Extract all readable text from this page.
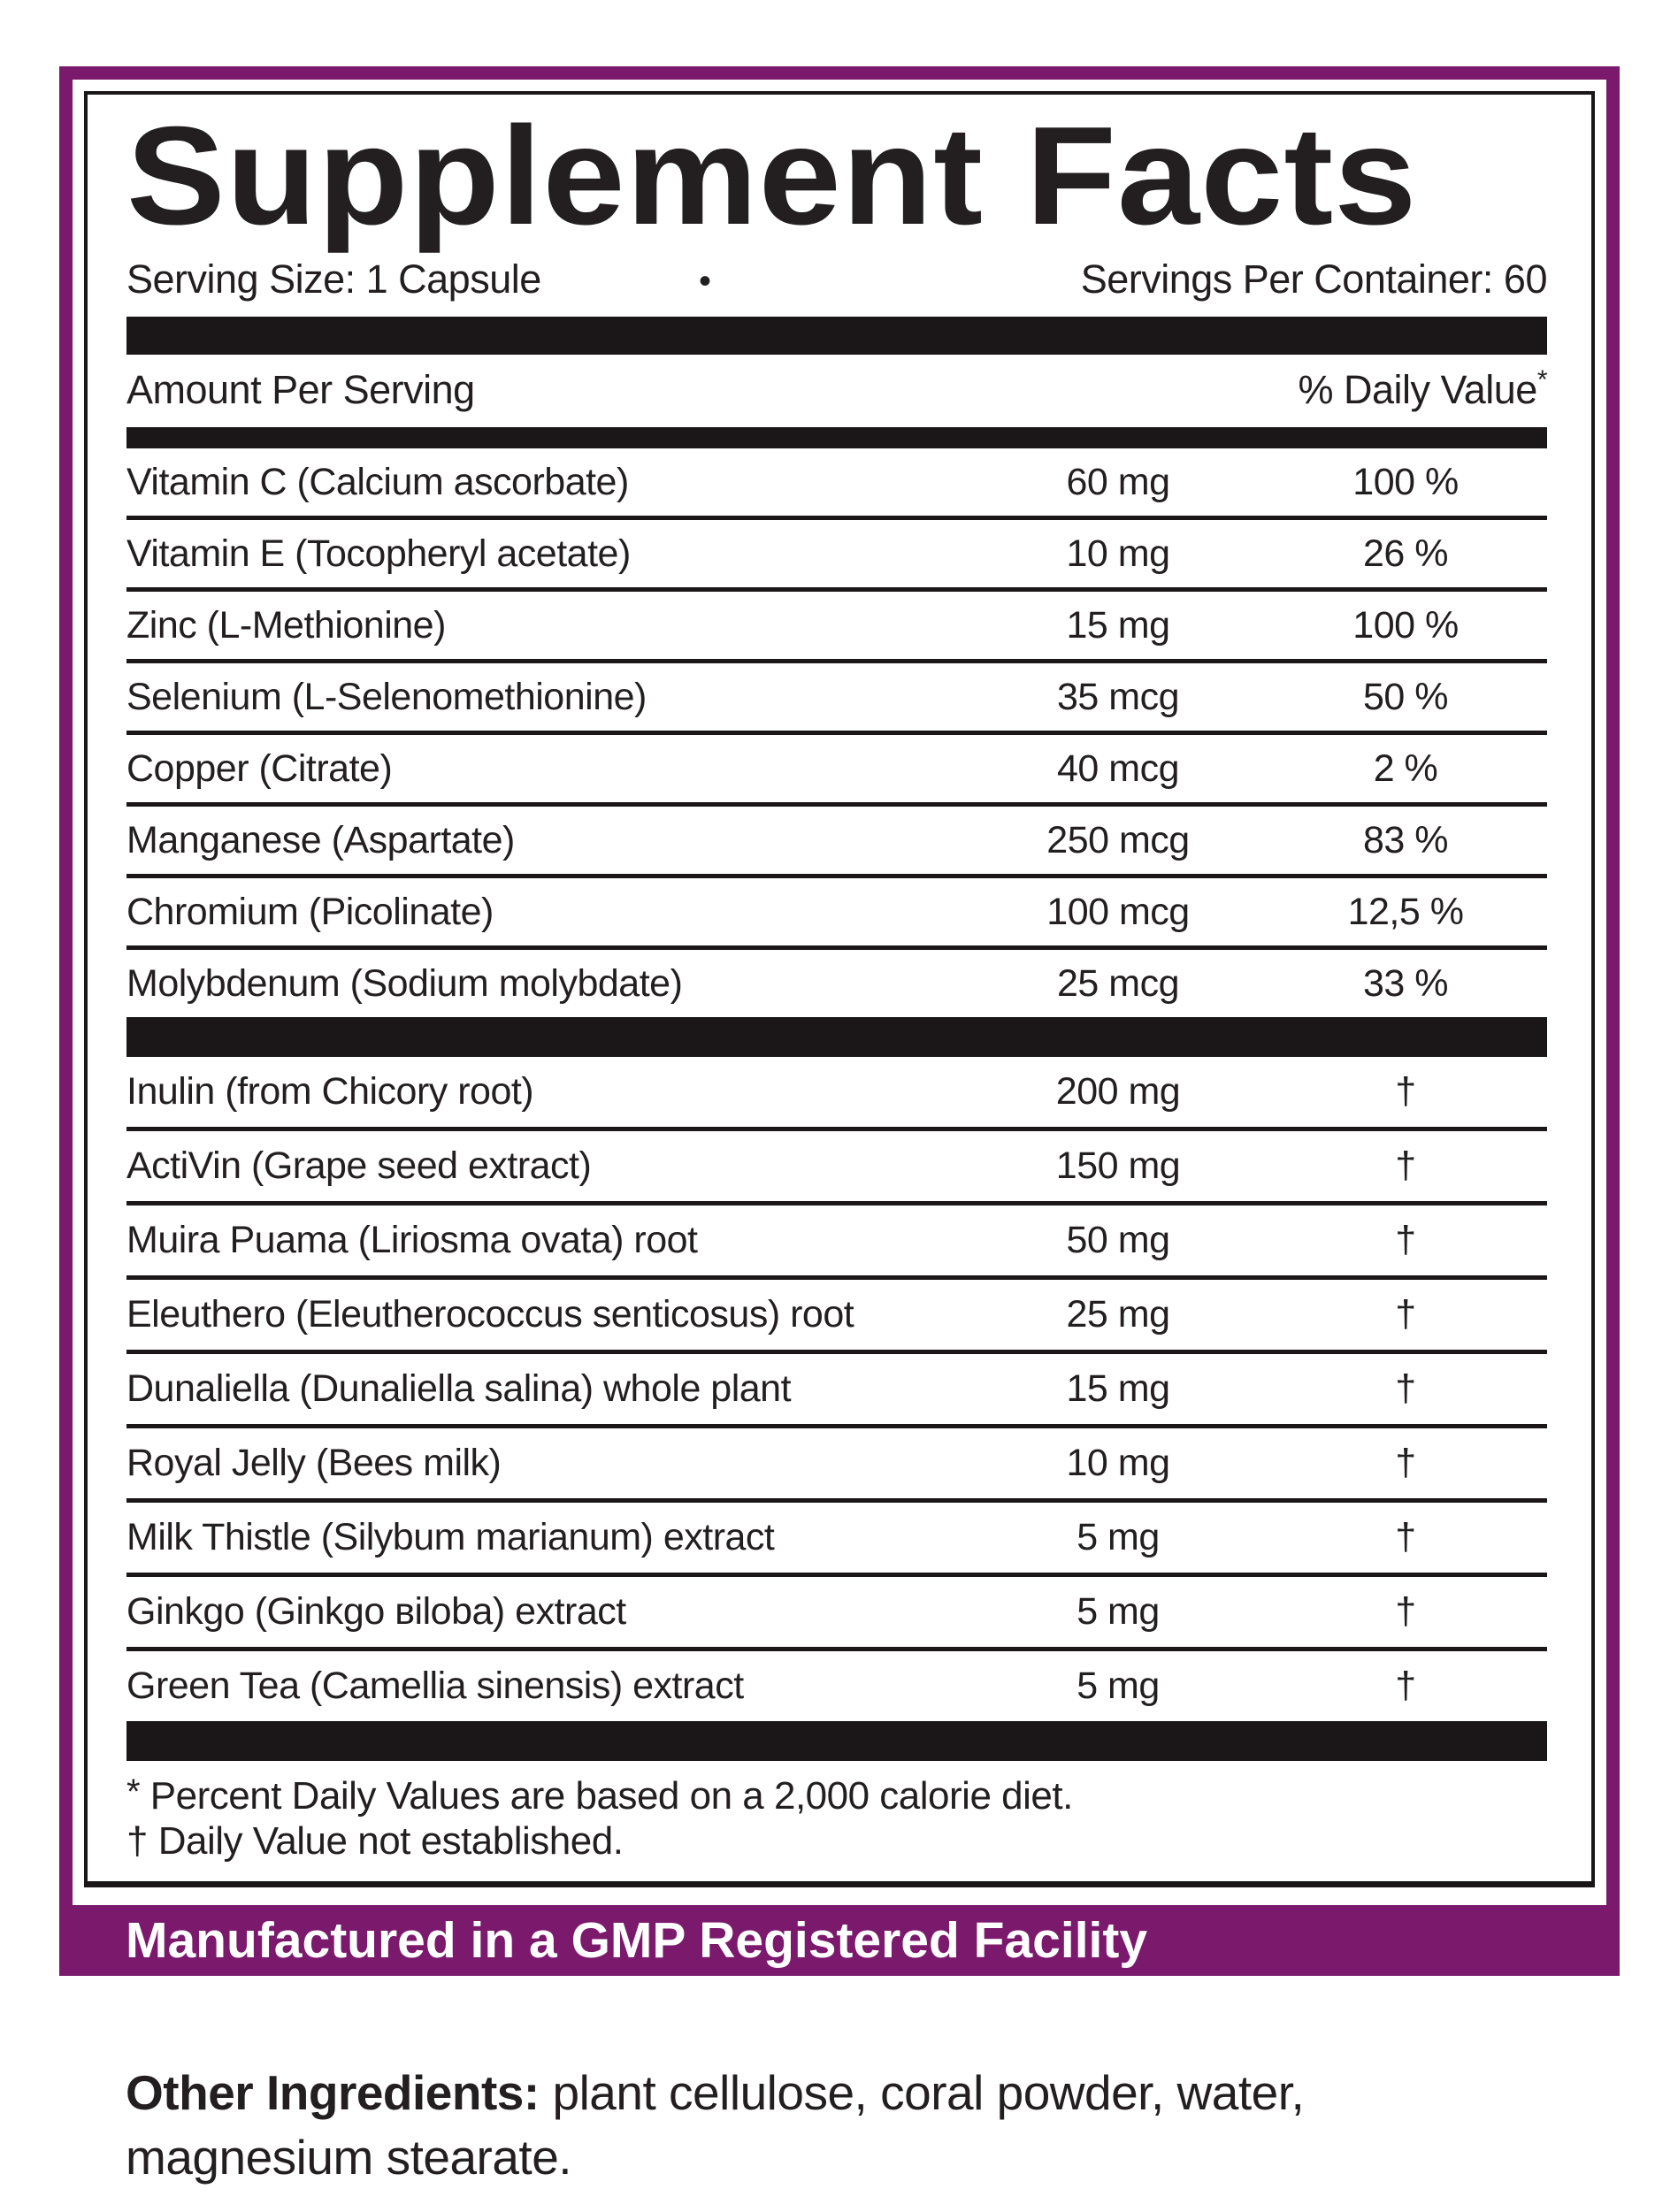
Supplement Facts
Serving Size: 1 Capsule	•	Servings Per Container: 60
Amount Per Serving	% Daily Value*
Vitamin C (Calcium ascorbate)	60 mg	100 %
Vitamin E (Tocopheryl acetate)	10 mg	26 %
Zinc (L-Methionine)	15 mg	100 %
Selenium (L-Selenomethionine)	35 mcg	50 %
Copper (Citrate)	40 mcg	2 %
Manganese (Aspartate)	250 mcg	83 %
Chromium (Picolinate)	100 mcg	12,5 %
Molybdenum (Sodium molybdate)	25 mcg	33 %
Inulin (from Chicory root)	200 mg	†
ActiVin (Grape seed extract)	150 mg	†
Muira Puama (Liriosma ovata) root	50 mg	†
Eleuthero (Eleutherococcus senticosus) root	25 mg	†
Dunaliella (Dunaliella salina) whole plant	15 mg	†
Royal Jelly (Bees milk)	10 mg	†
Milk Thistle (Silybum marianum) extract	5 mg	†
Ginkgo (Ginkgo вiloba) extract	5 mg	†
Green Tea (Camellia sinensis) extract	5 mg	†
* Percent Daily Values are based on a 2,000 calorie diet.
† Daily Value not established.
Manufactured in a GMP Registered Facility
Other Ingredients: plant cellulose, coral powder, water, magnesium stearate.
